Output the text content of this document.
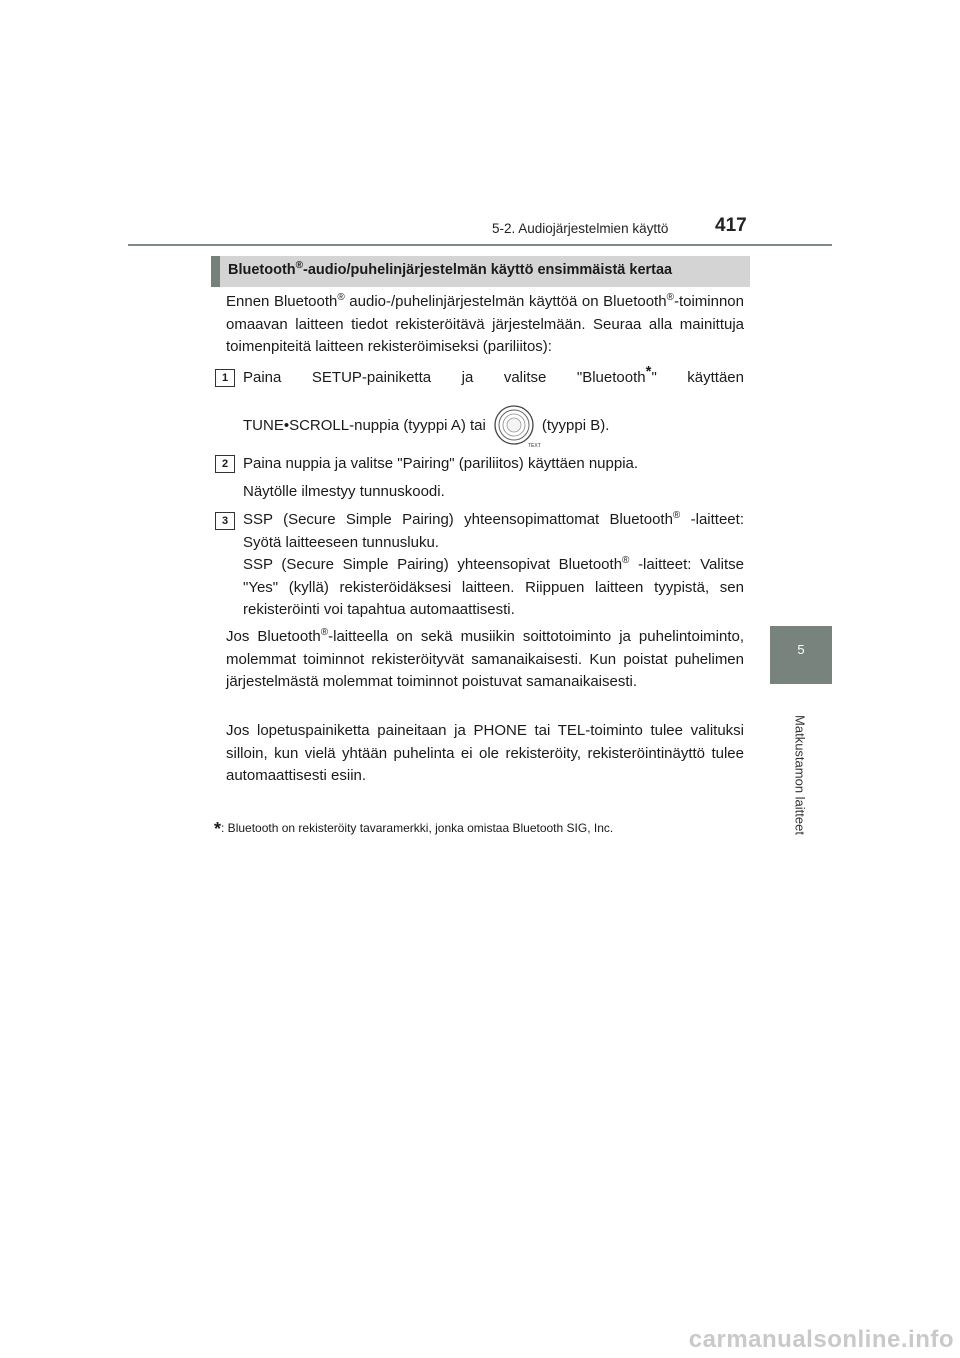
5-2. Audiojärjestelmien käyttö 417
5
Matkustamon laitteet
Bluetooth®-audio/puhelinjärjestelmän käyttö ensimmäistä kertaa
Ennen Bluetooth® audio-/puhelinjärjestelmän käyttöä on Bluetooth®-toiminnon omaavan laitteen tiedot rekisteröitävä järjestelmään. Seuraa alla mainittuja toimenpiteitä laitteen rekisteröimiseksi (pariliitos):
1 Paina SETUP-painiketta ja valitse "Bluetooth*" käyttäen
TUNE•SCROLL-nuppia (tyyppi A) tai
TEXT
(tyyppi B).
2 Paina nuppia ja valitse "Pairing" (pariliitos) käyttäen nuppia.
Näytölle ilmestyy tunnuskoodi.
3 SSP (Secure Simple Pairing) yhteensopimattomat Bluetooth® -laitteet: Syötä laitteeseen tunnusluku.
SSP (Secure Simple Pairing) yhteensopivat Bluetooth® -laitteet: Valitse "Yes" (kyllä) rekisteröidäksesi laitteen. Riippuen laitteen tyypistä, sen rekisteröinti voi tapahtua automaattisesti.
Jos Bluetooth®-laitteella on sekä musiikin soittotoiminto ja puhelintoiminto, molemmat toiminnot rekisteröityvät samanaikaisesti. Kun poistat puhelimen järjestelmästä molemmat toiminnot poistuvat samanaikaisesti.
Jos lopetuspainiketta paineitaan ja PHONE tai TEL-toiminto tulee valituksi silloin, kun vielä yhtään puhelinta ei ole rekisteröity, rekisteröintinäyttö tulee automaattisesti esiin.
*: Bluetooth on rekisteröity tavaramerkki, jonka omistaa Bluetooth SIG, Inc.
carmanualsonline.info
